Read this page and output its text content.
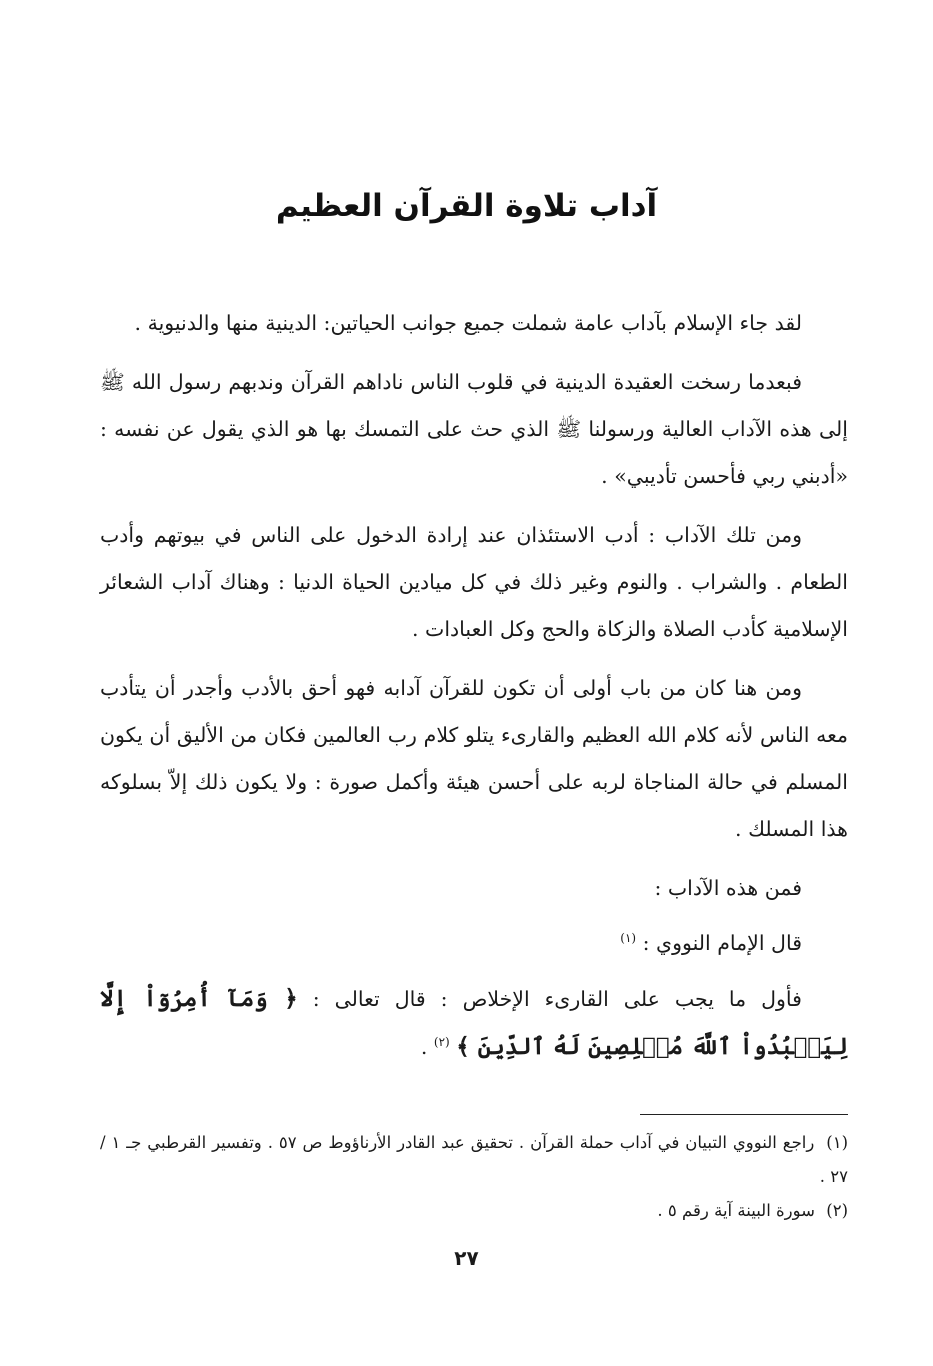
آداب تلاوة القرآن العظيم

لقد جاء الإسلام بآداب عامة شملت جميع جوانب الحياتين: الدينية منها والدنيوية .

فبعدما رسخت العقيدة الدينية في قلوب الناس ناداهم القرآن وندبهم رسول الله ﷺ إلى هذه الآداب العالية ورسولنا ﷺ الذي حث على التمسك بها هو الذي يقول عن نفسه : «أدبني ربي فأحسن تأديبي» .

ومن تلك الآداب : أدب الاستئذان عند إرادة الدخول على الناس في بيوتهم وأدب الطعام . والشراب . والنوم وغير ذلك في كل ميادين الحياة الدنيا : وهناك آداب الشعائر الإسلامية كأدب الصلاة والزكاة والحج وكل العبادات .

ومن هنا كان من باب أولى أن تكون للقرآن آدابه فهو أحق بالأدب وأجدر أن يتأدب معه الناس لأنه كلام الله العظيم والقارىء يتلو كلام رب العالمين فكان من الأليق أن يكون المسلم في حالة المناجاة لربه على أحسن هيئة وأكمل صورة : ولا يكون ذلك إلاّ بسلوكه هذا المسلك .

فمن هذه الآداب :

قال الإمام النووي : $^{(١)}$

فأول ما يجب على القارىء الإخلاص : قال تعالى : ﴿ وَمَآ أُمِرُوٓاْ إِلَّا لِيَعۡبُدُواْ ٱللَّهَ مُخۡلِصِينَ لَهُ ٱلدِّينَ ﴾ $^{(٢)}$ .

(١) راجع النووي التبيان في آداب حملة القرآن . تحقيق عبد القادر الأرناؤوط ص ٥٧ . وتفسير القرطبي جـ ١ / ٢٧ .

(٢) سورة البينة آية رقم ٥ .

٢٧
